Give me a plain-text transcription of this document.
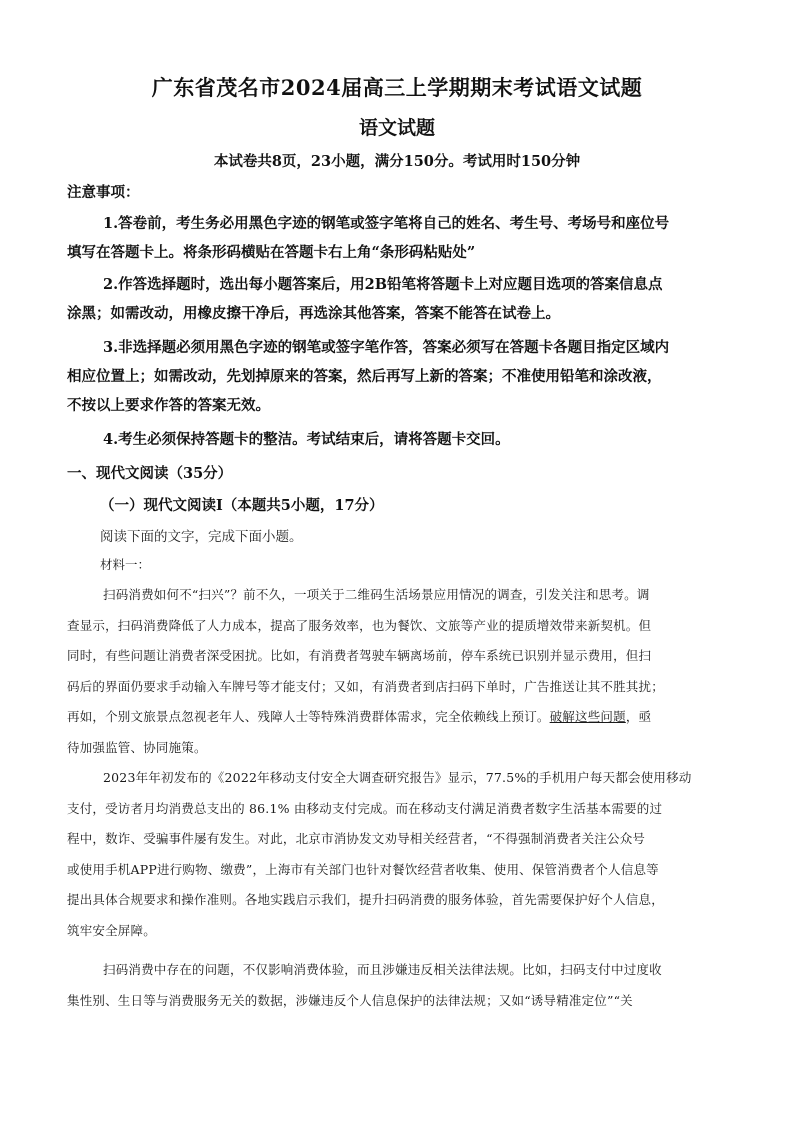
广东省茂名市2024届高三上学期期末考试语文试题
语文试题
本试卷共8页，23小题，满分150分。考试用时150分钟
注意事项：

1.答卷前，考生务必用黑色字迹的钢笔或签字笔将自己的姓名、考生号、考场号和座位号
填写在答题卡上。将条形码横贴在答题卡右上角“条形码粘贴处”

2.作答选择题时，选出每小题答案后，用2B铅笔将答题卡上对应题目选项的答案信息点
涂黑；如需改动，用橡皮擦干净后，再选涂其他答案，答案不能答在试卷上。

3.非选择题必须用黑色字迹的钢笔或签字笔作答，答案必须写在答题卡各题目指定区域内
相应位置上；如需改动，先划掉原来的答案，然后再写上新的答案；不准使用铅笔和涂改液，
不按以上要求作答的答案无效。

4.考生必须保持答题卡的整洁。考试结束后，请将答题卡交回。

一、现代文阅读（35分）
（一）现代文阅读Ⅰ（本题共5小题，17分）
阅读下面的文字，完成下面小题。
材料一：

扫码消费如何不“扫兴”？前不久，一项关于二维码生活场景应用情况的调查，引发关注和思考。调
查显示，扫码消费降低了人力成本，提高了服务效率，也为餐饮、文旅等产业的提质增效带来新契机。但
同时，有些问题让消费者深受困扰。比如，有消费者驾驶车辆离场前，停车系统已识别并显示费用，但扫
码后的界面仍要求手动输入车牌号等才能支付；又如，有消费者到店扫码下单时，广告推送让其不胜其扰；
再如，个别文旅景点忽视老年人、残障人士等特殊消费群体需求，完全依赖线上预订。破解这些问题，亟
待加强监管、协同施策。

2023年年初发布的《2022年移动支付安全大调查研究报告》显示，77.5%的手机用户每天都会使用移动
支付，受访者月均消费总支出的 86.1% 由移动支付完成。而在移动支付满足消费者数字生活基本需要的过
程中，数诈、受骗事件屡有发生。对此，北京市消协发文劝导相关经营者，“不得强制消费者关注公众号
或使用手机APP进行购物、缴费”，上海市有关部门也针对餐饮经营者收集、使用、保管消费者个人信息等
提出具体合规要求和操作准则。各地实践启示我们，提升扫码消费的服务体验，首先需要保护好个人信息，
筑牢安全屏障。

扫码消费中存在的问题，不仅影响消费体验，而且涉嫌违反相关法律法规。比如，扫码支付中过度收
集性别、生日等与消费服务无关的数据，涉嫌违反个人信息保护的法律法规；又如“诱导精准定位”“关
